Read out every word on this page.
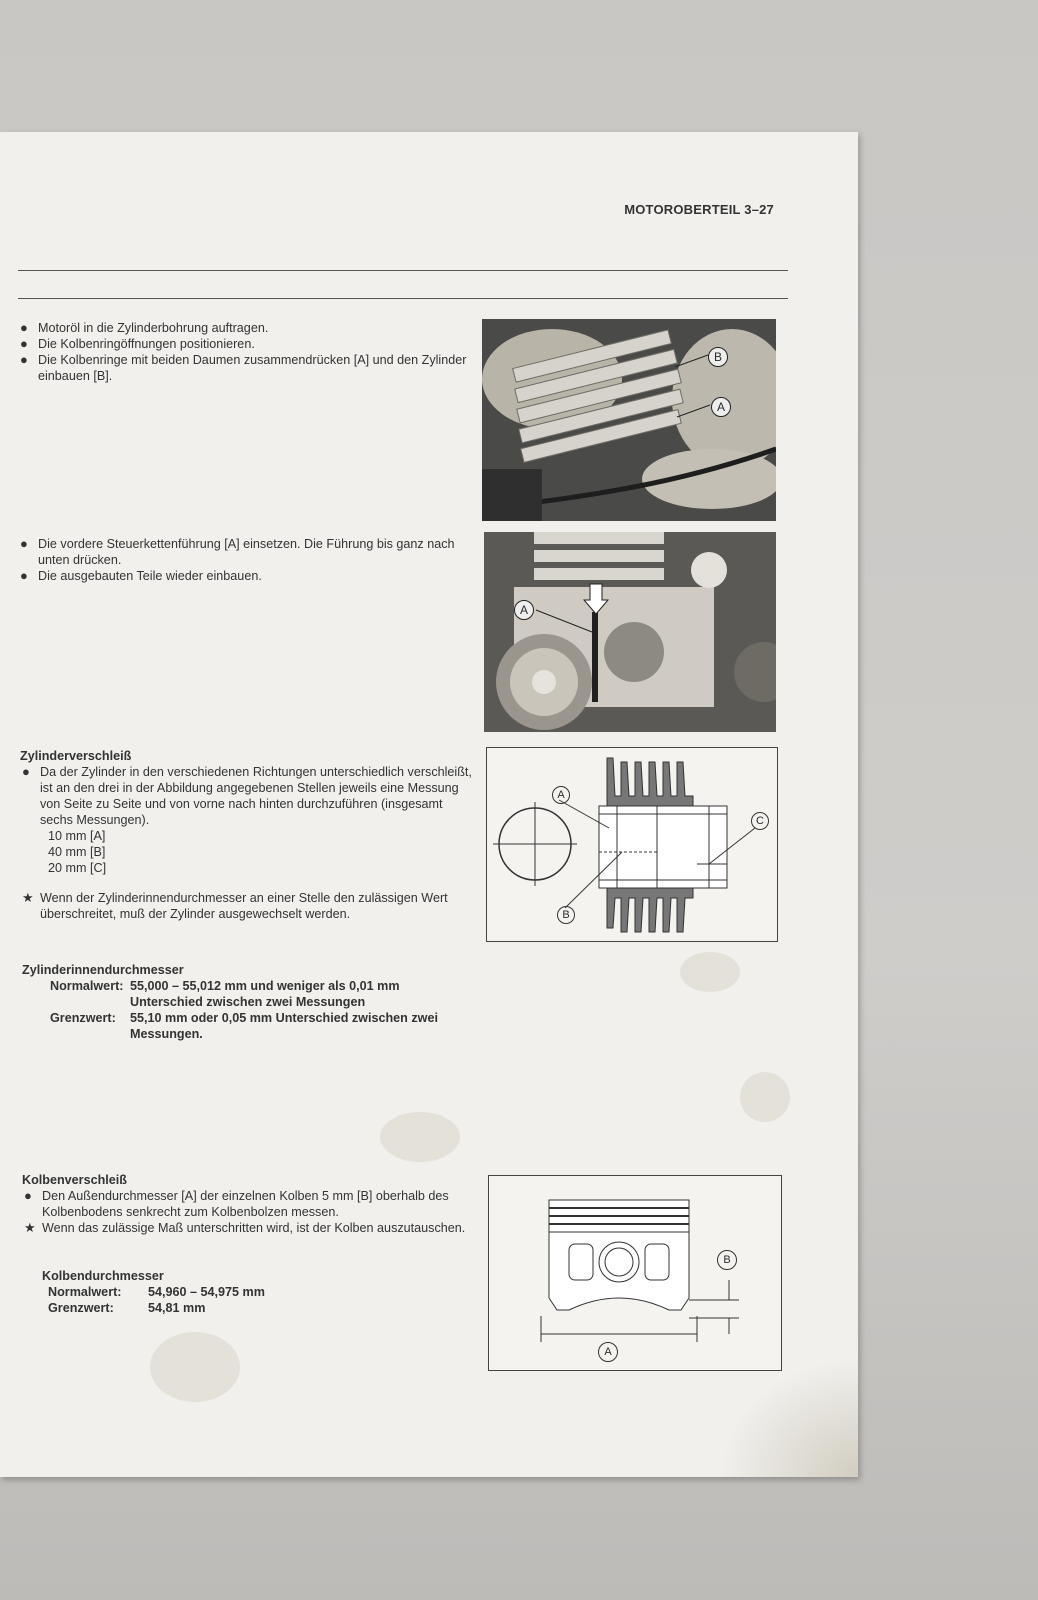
MOTOROBERTEIL 3–27
● Motoröl in die Zylinderbohrung auftragen.
● Die Kolbenringöffnungen positionieren.
● Die Kolbenringe mit beiden Daumen zusammendrücken [A] und den Zylinder einbauen [B].
B
A
● Die vordere Steuerkettenführung [A] einsetzen. Die Führung bis ganz nach unten drücken.
● Die ausgebauten Teile wieder einbauen.
A
Zylinderverschleiß
● Da der Zylinder in den verschiedenen Richtungen unterschiedlich verschleißt, ist an den drei in der Abbildung angegebenen Stellen jeweils eine Messung von Seite zu Seite und von vorne nach hinten durchzuführen (insgesamt sechs Messungen).
10 mm [A]
40 mm [B]
20 mm [C]
★ Wenn der Zylinderinnendurchmesser an einer Stelle den zulässigen Wert überschreitet, muß der Zylinder ausgewechselt werden.
A
B
C
Zylinderinnendurchmesser
Normalwert: 55,000 – 55,012 mm und weniger als 0,01 mm Unterschied zwischen zwei Messungen
Grenzwert:	55,10 mm oder 0,05 mm Unterschied zwischen zwei Messungen.
Kolbenverschleiß
● Den Außendurchmesser [A] der einzelnen Kolben 5 mm [B] oberhalb des Kolbenbodens senkrecht zum Kolbenbolzen messen.
★ Wenn das zulässige Maß unterschritten wird, ist der Kolben auszutauschen.
Kolbendurchmesser
Normalwert:	54,960 – 54,975 mm
Grenzwert:	54,81 mm
B
A
